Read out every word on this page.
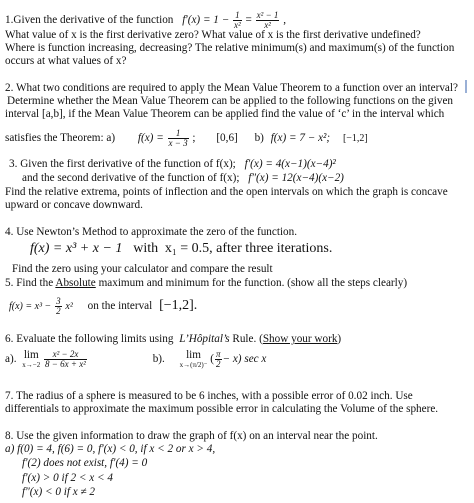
1.Given the derivative of the function $f'(x) = 1 - \frac{1}{\text{x²}} = \frac{\text{x² − 1}}{\text{x²}}$ ,
What value of x is the first derivative zero? What value of x is the first derivative undefined?
Where is function increasing, decreasing? The relative minimum(s) and maximum(s) of the function
occurs at what values of x?
2. What two conditions are required to apply the Mean Value Theorem to a function over an interval?
Determine whether the Mean Value Theorem can be applied to the following functions on the given
interval [a,b], if the Mean Value Theorem can be applied find the value of ‘c’ in the interval which
satisfies the Theorem: a) $f(x) = \frac{1}{x - 3}$ ; [0,6] b) f(x) = 7 − x²; [−1,2]
3. Given the first derivative of the function of f(x); f′(x) = 4(x−1)(x−4)²
and the second derivative of the function of f(x); f″(x) = 12(x−4)(x−2)
Find the relative extrema, points of inflection and the open intervals on which the graph is concave
upward or concave downward.
4. Use Newton’s Method to approximate the zero of the function.
f(x) = x³ + x − 1 with x₁ = 0.5, after three iterations.
Find the zero using your calculator and compare the result
5. Find the Absolute maximum and minimum for the function. (show all the steps clearly)
$f(x) = x^3 - \frac{3}{2} x^2$ on the interval [−1,2].
6. Evaluate the following limits using L’Hôpital’s Rule. (Show your work)
a). lim
x→−2
$\frac{\text{x² − 2x}}{\text{8 − 6x + x²}}$	b).	lim
x→(π/2)⁻ ( $\frac{\pi}{2} - x$) sec x
7. The radius of a sphere is measured to be 6 inches, with a possible error of 0.02 inch. Use
differentials to approximate the maximum possible error in calculating the Volume of the sphere.
8. Use the given information to draw the graph of f(x) on an interval near the point.
a) f(0) = 4, f(6) = 0, f′(x) < 0, if x < 2 or x > 4,
f′(2) does not exist, f′(4) = 0
f′(x) > 0 if 2 < x < 4
f″(x) < 0 if x ≠ 2
